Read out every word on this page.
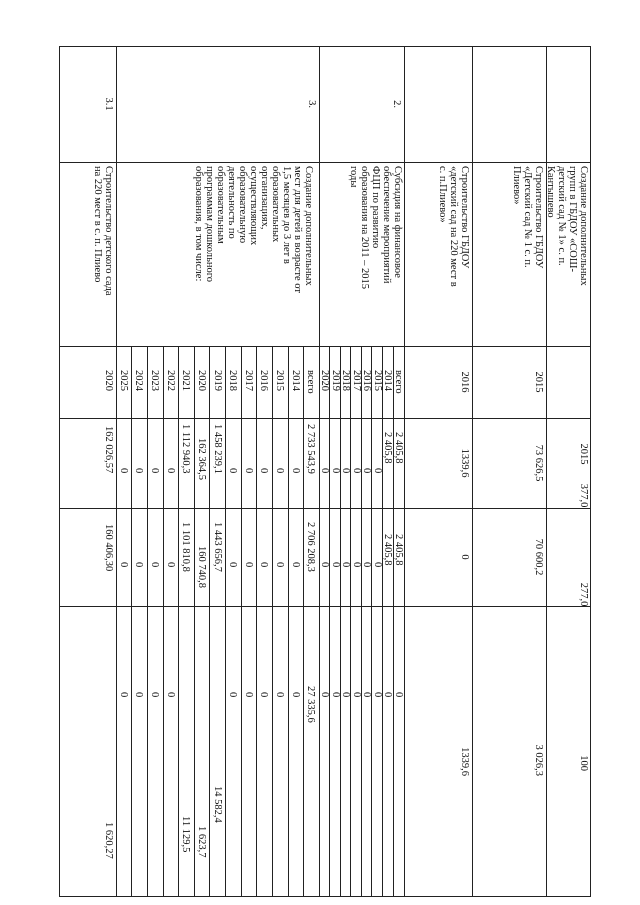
Создание дополнительных
групп в ГБДОУ «СОШ-
детский сад № 1» с. п.
Кантышево
2015
377,0
277,0
100
Строительство ГБДОУ
«Детский сад № 1 с. п.
Плиево»
2015
73 626,5
70 600,2
3 026,3
Строительство ГБДОУ
«детский сад на 220 мест в
с. п.Плиево»
2016
1339,6
0
1339,6
2.
Субсидия на финансовое
обеспечение мероприятий
ФЦП по развитию
образования на 2011 – 2015
годы
всего
2 405,8
2 405,8
0
2014
2 405,8
2 405,8
0
2015
0
0
0
2016
0
0
0
2017
0
0
0
2018
0
0
0
2019
0
0
0
2020
0
0
0
3.
Создание дополнительных
мест для детей в возрасте от
1,5 месяцев до 3 лет в
образовательных
организациях,
осуществляющих
образовательную
деятельность по
образовательным
программам дошкольного
образования, в том числе:
всего
2 733 543,9
2 706 208,3
27 335,6
2014
0
0
0
2015
0
0
0
2016
0
0
0
2017
0
0
0
2018
0
0
0
2019
1 458 239,1
1 443 656,7
14 582,4
2020
162 364,5
160 740,8
1 623,7
2021
1 112 940,3
1 101 810,8
11 129,5
2022
0
0
0
2023
0
0
0
2024
0
0
0
2025
0
0
0
3.1
Строительство детского сада
на 220 мест в с. п. Плиево
2020
162 026,57
160 406,30
1 620,27
